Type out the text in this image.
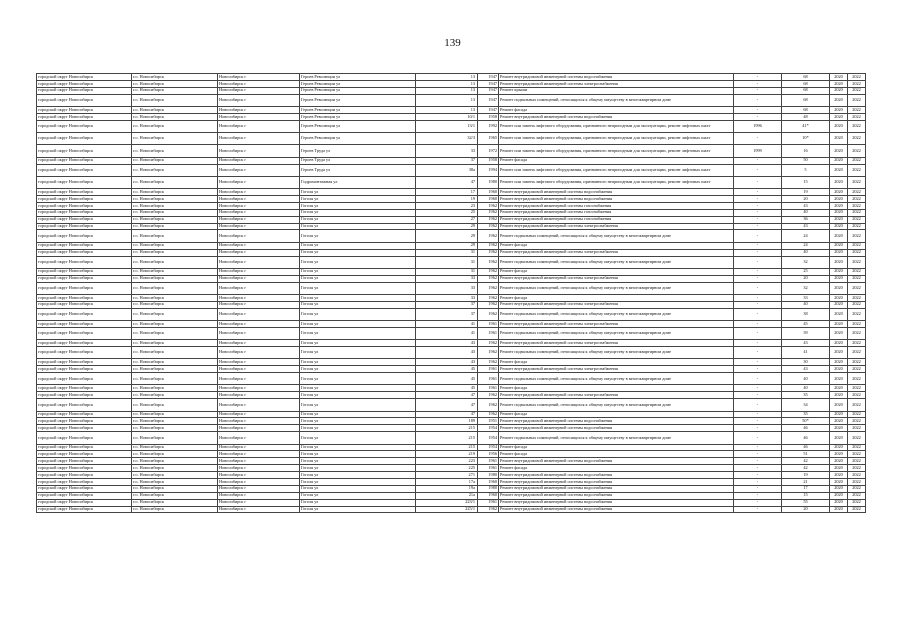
139
городской округ Новосибирск	г.о. Новосибирск	Новосибирск г	Героев Революции ул	13	1947	Ремонт внутридомовой инженерной системы водоснабжения	-	68	2020	2022
городской округ Новосибирск	г.о. Новосибирск	Новосибирск г	Героев Революции ул	13	1947	Ремонт внутридомовой инженерной системы электроснабжения	-	68	2020	2022
городской округ Новосибирск	г.о. Новосибирск	Новосибирск г	Героев Революции ул	13	1947	Ремонт крыши	-	68	2020	2022
городской округ Новосибирск	г.о. Новосибирск	Новосибирск г	Героев Революции ул	13	1947	Ремонт подвальных помещений, относящихся к общему имуществу в многоквартирном доме	-	68	2020	2022
городской округ Новосибирск	г.о. Новосибирск	Новосибирск г	Героев Революции ул	13	1947	Ремонт фасада	-	68	2020	2022
городской округ Новосибирск	г.о. Новосибирск	Новосибирск г	Героев Революции ул	10/1	1958	Ремонт внутридомовой инженерной системы водоснабжения	-	48	2020	2022
городской округ Новосибирск	г.о. Новосибирск	Новосибирск г	Героев Революции ул	13/1	1992	Ремонт или замена лифтового оборудования, признанного непригодным для эксплуатации, ремонт лифтовых шахт	1996	41*	2020	2022
городской округ Новосибирск	г.о. Новосибирск	Новосибирск г	Героев Революции ул	32/3	1965	Ремонт или замена лифтового оборудования, признанного непригодным для эксплуатации, ремонт лифтовых шахт	-	10*	2020	2022
городской округ Новосибирск	г.о. Новосибирск	Новосибирск г	Героев Труда ул	33	1972	Ремонт или замена лифтового оборудования, признанного непригодным для эксплуатации, ремонт лифтовых шахт	1999	16	2020	2022
городской округ Новосибирск	г.о. Новосибирск	Новосибирск г	Героев Труда ул	37	1958	Ремонт фасада	-	50	2020	2022
городской округ Новосибирск	г.о. Новосибирск	Новосибирск г	Героев Труда ул	38а	1994	Ремонт или замена лифтового оборудования, признанного непригодным для эксплуатации, ремонт лифтовых шахт	-	5	2020	2022
городской округ Новосибирск	г.о. Новосибирск	Новосибирск г	Гидромонтажная ул	47	1980	Ремонт или замена лифтового оборудования, признанного непригодным для эксплуатации, ремонт лифтовых шахт	-	15	2020	2022
городской округ Новосибирск	г.о. Новосибирск	Новосибирск г	Гоголя ул	17	1960	Ремонт внутридомовой инженерной системы водоснабжения	-	19	2020	2022
городской округ Новосибирск	г.о. Новосибирск	Новосибирск г	Гоголя ул	19	1960	Ремонт внутридомовой инженерной системы водоснабжения	-	20	2020	2022
городской округ Новосибирск	г.о. Новосибирск	Новосибирск г	Гоголя ул	23	1962	Ремонт внутридомовой инженерной системы газоснабжения	-	43	2020	2022
городской округ Новосибирск	г.о. Новосибирск	Новосибирск г	Гоголя ул	25	1962	Ремонт внутридомовой инженерной системы газоснабжения	-	40	2020	2022
городской округ Новосибирск	г.о. Новосибирск	Новосибирск г	Гоголя ул	27	1962	Ремонт внутридомовой инженерной системы газоснабжения	-	36	2020	2022
городской округ Новосибирск	г.о. Новосибирск	Новосибирск г	Гоголя ул	29	1962	Ремонт внутридомовой инженерной системы электроснабжения	-	43	2020	2022
городской округ Новосибирск	г.о. Новосибирск	Новосибирск г	Гоголя ул	29	1962	Ремонт подвальных помещений, относящихся к общему имуществу в многоквартирном доме	-	24	2020	2022
городской округ Новосибирск	г.о. Новосибирск	Новосибирск г	Гоголя ул	29	1962	Ремонт фасада	-	24	2020	2022
городской округ Новосибирск	г.о. Новосибирск	Новосибирск г	Гоголя ул	31	1962	Ремонт внутридомовой инженерной системы электроснабжения	-	40	2020	2022
городской округ Новосибирск	г.о. Новосибирск	Новосибирск г	Гоголя ул	31	1962	Ремонт подвальных помещений, относящихся к общему имуществу в многоквартирном доме	-	32	2020	2022
городской округ Новосибирск	г.о. Новосибирск	Новосибирск г	Гоголя ул	31	1962	Ремонт фасада	-	25	2020	2022
городской округ Новосибирск	г.о. Новосибирск	Новосибирск г	Гоголя ул	33	1962	Ремонт внутридомовой инженерной системы электроснабжения	-	20	2020	2022
городской округ Новосибирск	г.о. Новосибирск	Новосибирск г	Гоголя ул	33	1962	Ремонт подвальных помещений, относящихся к общему имуществу в многоквартирном доме	-	32	2020	2022
городской округ Новосибирск	г.о. Новосибирск	Новосибирск г	Гоголя ул	33	1962	Ремонт фасада	-	33	2020	2022
городской округ Новосибирск	г.о. Новосибирск	Новосибирск г	Гоголя ул	37	1962	Ремонт внутридомовой инженерной системы электроснабжения	-	40	2020	2022
городской округ Новосибирск	г.о. Новосибирск	Новосибирск г	Гоголя ул	37	1962	Ремонт подвальных помещений, относящихся к общему имуществу в многоквартирном доме	-	38	2020	2022
городской округ Новосибирск	г.о. Новосибирск	Новосибирск г	Гоголя ул	41	1961	Ремонт внутридомовой инженерной системы электроснабжения	-	45	2020	2022
городской округ Новосибирск	г.о. Новосибирск	Новосибирск г	Гоголя ул	41	1961	Ремонт подвальных помещений, относящихся к общему имуществу в многоквартирном доме	-	39	2020	2022
городской округ Новосибирск	г.о. Новосибирск	Новосибирск г	Гоголя ул	43	1962	Ремонт внутридомовой инженерной системы электроснабжения	-	43	2020	2022
городской округ Новосибирск	г.о. Новосибирск	Новосибирск г	Гоголя ул	43	1962	Ремонт подвальных помещений, относящихся к общему имуществу в многоквартирном доме	-	41	2020	2022
городской округ Новосибирск	г.о. Новосибирск	Новосибирск г	Гоголя ул	43	1962	Ремонт фасада	-	30	2020	2022
городской округ Новосибирск	г.о. Новосибирск	Новосибирск г	Гоголя ул	45	1961	Ремонт внутридомовой инженерной системы электроснабжения	-	43	2020	2022
городской округ Новосибирск	г.о. Новосибирск	Новосибирск г	Гоголя ул	45	1961	Ремонт подвальных помещений, относящихся к общему имуществу в многоквартирном доме	-	40	2020	2022
городской округ Новосибирск	г.о. Новосибирск	Новосибирск г	Гоголя ул	45	1961	Ремонт фасада	-	40	2020	2022
городской округ Новосибирск	г.о. Новосибирск	Новосибирск г	Гоголя ул	47	1962	Ремонт внутридомовой инженерной системы электроснабжения	-	35	2020	2022
городской округ Новосибирск	г.о. Новосибирск	Новосибирск г	Гоголя ул	47	1962	Ремонт подвальных помещений, относящихся к общему имуществу в многоквартирном доме	-	34	2020	2022
городской округ Новосибирск	г.о. Новосибирск	Новосибирск г	Гоголя ул	47	1962	Ремонт фасада	-	35	2020	2022
городской округ Новосибирск	г.о. Новосибирск	Новосибирск г	Гоголя ул	189	1951	Ремонт внутридомовой инженерной системы водоснабжения	-	50*	2020	2022
городской округ Новосибирск	г.о. Новосибирск	Новосибирск г	Гоголя ул	215	1954	Ремонт внутридомовой инженерной системы водоснабжения	-	46	2020	2022
городской округ Новосибирск	г.о. Новосибирск	Новосибирск г	Гоголя ул	215	1954	Ремонт подвальных помещений, относящихся к общему имуществу в многоквартирном доме	-	46	2020	2022
городской округ Новосибирск	г.о. Новосибирск	Новосибирск г	Гоголя ул	215	1954	Ремонт фасада	-	46	2020	2022
городской округ Новосибирск	г.о. Новосибирск	Новосибирск г	Гоголя ул	219	1956	Ремонт фасада	-	51	2020	2022
городской округ Новосибирск	г.о. Новосибирск	Новосибирск г	Гоголя ул	223	1961	Ремонт внутридомовой инженерной системы водоснабжения	-	42	2020	2022
городской округ Новосибирск	г.о. Новосибирск	Новосибирск г	Гоголя ул	225	1961	Ремонт фасада	-	42	2020	2022
городской округ Новосибирск	г.о. Новосибирск	Новосибирск г	Гоголя ул	271	1980	Ремонт внутридомовой инженерной системы водоснабжения	-	19	2020	2022
городской округ Новосибирск	г.о. Новосибирск	Новосибирск г	Гоголя ул	17а	1960	Ремонт внутридомовой инженерной системы водоснабжения	-	21	2020	2022
городской округ Новосибирск	г.о. Новосибирск	Новосибирск г	Гоголя ул	19а	1980	Ремонт внутридомовой инженерной системы водоснабжения	-	17	2020	2022
городской округ Новосибирск	г.о. Новосибирск	Новосибирск г	Гоголя ул	21а	1960	Ремонт внутридомовой инженерной системы водоснабжения	-	15	2020	2022
городской округ Новосибирск	г.о. Новосибирск	Новосибирск г	Гоголя ул	223/1	1961	Ремонт внутридомовой инженерной системы водоснабжения	-	55	2020	2022
городской округ Новосибирск	г.о. Новосибирск	Новосибирск г	Гоголя ул	225/1	1962	Ремонт внутридомовой инженерной системы водоснабжения	-	20	2020	2022
